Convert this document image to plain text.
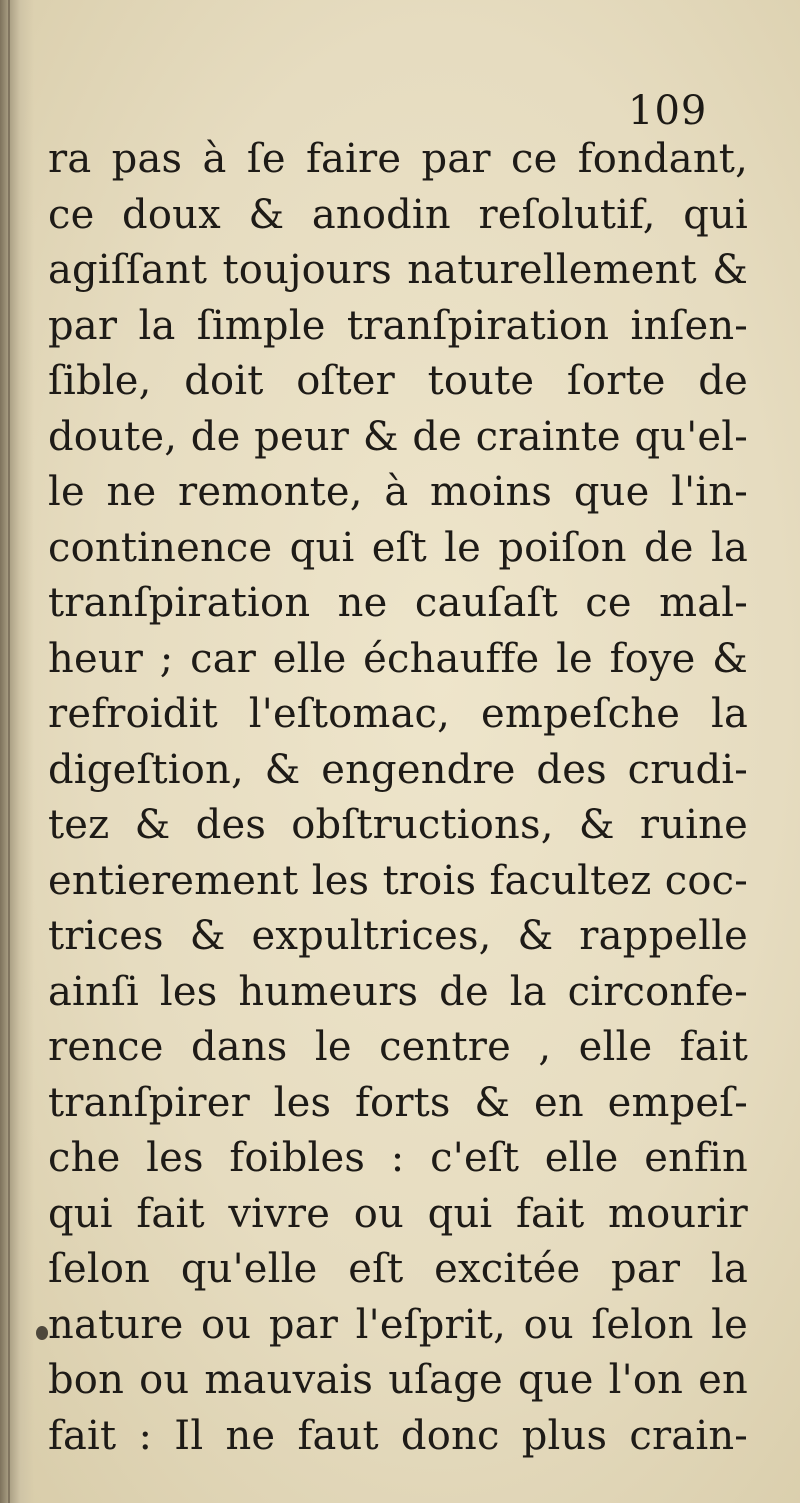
109
ra pas à ſe faire par ce fondant,
ce doux & anodin reſolutif, qui
agiſſant toujours naturellement &
par la ſimple tranſpiration inſen-
ſible, doit oſter toute ſorte de
doute, de peur & de crainte qu'el-
le ne remonte, à moins que l'in-
continence qui eſt le poiſon de la
tranſpiration ne cauſaſt ce mal-
heur ; car elle échauffe le foye &
refroidit l'eſtomac, empeſche la
digeſtion, & engendre des crudi-
tez & des obſtructions, & ruine
entierement les trois facultez coc-
trices & expultrices, & rappelle
ainſi les humeurs de la circonfe-
rence dans le centre , elle fait
tranſpirer les forts & en empeſ-
che les foibles : c'eſt elle enfin
qui fait vivre ou qui fait mourir
ſelon qu'elle eſt excitée par la
nature ou par l'eſprit, ou ſelon le
bon ou mauvais uſage que l'on en
fait : Il ne faut donc plus crain-
